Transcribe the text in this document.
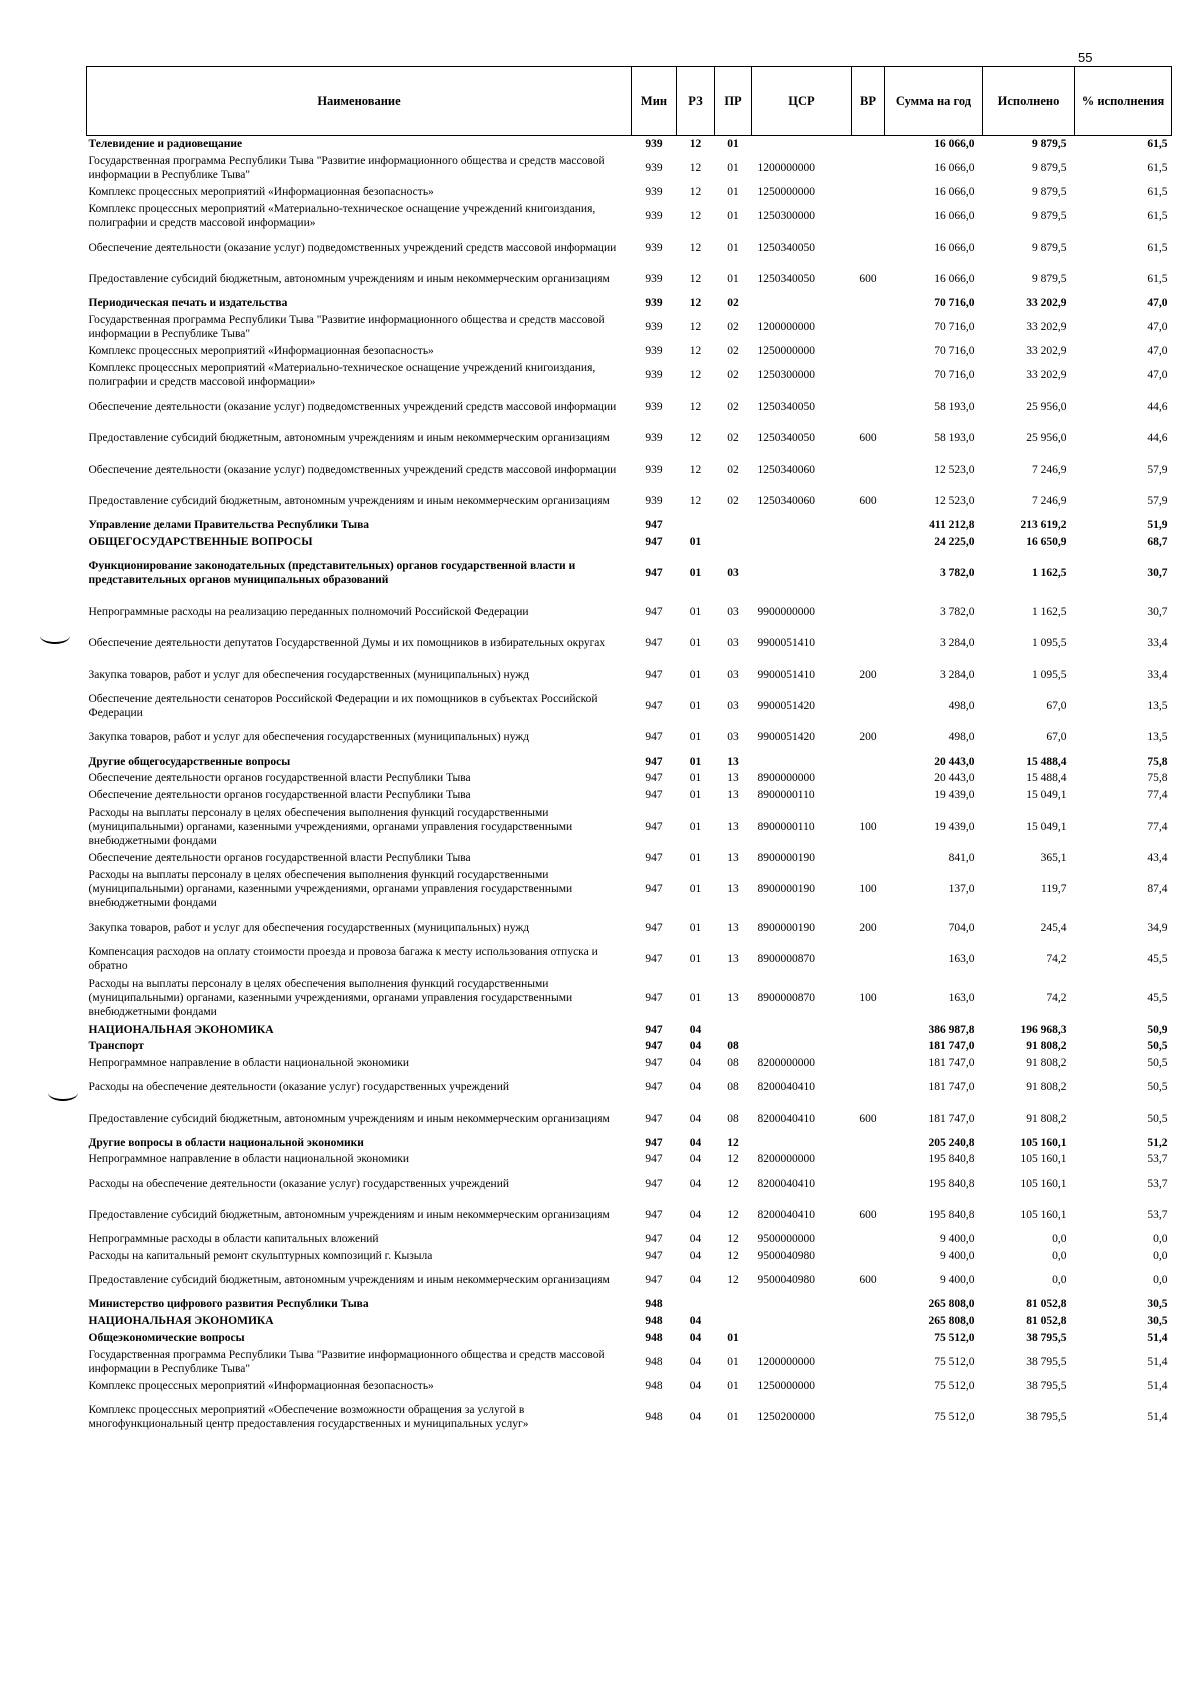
55
Наименование	Мин	РЗ	ПР	ЦСР	ВР	Сумма на год	Исполнено	% исполнения
Телевидение и радиовещание	939	12	01			16 066,0	9 879,5	61,5
Государственная программа Республики Тыва "Развитие информационного общества и средств массовой информации в Республике Тыва"	939	12	01	1200000000		16 066,0	9 879,5	61,5
Комплекс процессных мероприятий «Информационная безопасность»	939	12	01	1250000000		16 066,0	9 879,5	61,5
Комплекс процессных мероприятий «Материально-техническое оснащение учреждений книгоиздания, полиграфии и средств массовой информации»	939	12	01	1250300000		16 066,0	9 879,5	61,5
Обеспечение деятельности (оказание услуг) подведомственных учреждений средств массовой информации	939	12	01	1250340050		16 066,0	9 879,5	61,5
Предоставление субсидий бюджетным, автономным учреждениям и иным некоммерческим организациям	939	12	01	1250340050	600	16 066,0	9 879,5	61,5
Периодическая печать и издательства	939	12	02			70 716,0	33 202,9	47,0
Государственная программа Республики Тыва "Развитие информационного общества и средств массовой информации в Республике Тыва"	939	12	02	1200000000		70 716,0	33 202,9	47,0
Комплекс процессных мероприятий «Информационная безопасность»	939	12	02	1250000000		70 716,0	33 202,9	47,0
Комплекс процессных мероприятий «Материально-техническое оснащение учреждений книгоиздания, полиграфии и средств массовой информации»	939	12	02	1250300000		70 716,0	33 202,9	47,0
Обеспечение деятельности (оказание услуг) подведомственных учреждений средств массовой информации	939	12	02	1250340050		58 193,0	25 956,0	44,6
Предоставление субсидий бюджетным, автономным учреждениям и иным некоммерческим организациям	939	12	02	1250340050	600	58 193,0	25 956,0	44,6
Обеспечение деятельности (оказание услуг) подведомственных учреждений средств массовой информации	939	12	02	1250340060		12 523,0	7 246,9	57,9
Предоставление субсидий бюджетным, автономным учреждениям и иным некоммерческим организациям	939	12	02	1250340060	600	12 523,0	7 246,9	57,9
Управление делами Правительства Республики Тыва	947					411 212,8	213 619,2	51,9
ОБЩЕГОСУДАРСТВЕННЫЕ ВОПРОСЫ	947	01				24 225,0	16 650,9	68,7
Функционирование законодательных (представительных) органов государственной власти и представительных органов муниципальных образований	947	01	03			3 782,0	1 162,5	30,7
Непрограммные расходы на реализацию переданных полномочий Российской Федерации	947	01	03	9900000000		3 782,0	1 162,5	30,7
Обеспечение деятельности депутатов Государственной Думы и их помощников в избирательных округах	947	01	03	9900051410		3 284,0	1 095,5	33,4
Закупка товаров, работ и услуг для обеспечения государственных (муниципальных) нужд	947	01	03	9900051410	200	3 284,0	1 095,5	33,4
Обеспечение деятельности сенаторов Российской Федерации и их помощников в субъектах Российской Федерации	947	01	03	9900051420		498,0	67,0	13,5
Закупка товаров, работ и услуг для обеспечения государственных (муниципальных) нужд	947	01	03	9900051420	200	498,0	67,0	13,5
Другие общегосударственные вопросы	947	01	13			20 443,0	15 488,4	75,8
Обеспечение деятельности органов государственной власти Республики Тыва	947	01	13	8900000000		20 443,0	15 488,4	75,8
Обеспечение деятельности органов государственной власти Республики Тыва	947	01	13	8900000110		19 439,0	15 049,1	77,4
Расходы на выплаты персоналу в целях обеспечения выполнения функций государственными (муниципальными) органами, казенными учреждениями, органами управления государственными внебюджетными фондами	947	01	13	8900000110	100	19 439,0	15 049,1	77,4
Обеспечение деятельности органов государственной власти Республики Тыва	947	01	13	8900000190		841,0	365,1	43,4
Расходы на выплаты персоналу в целях обеспечения выполнения функций государственными (муниципальными) органами, казенными учреждениями, органами управления государственными внебюджетными фондами	947	01	13	8900000190	100	137,0	119,7	87,4
Закупка товаров, работ и услуг для обеспечения государственных (муниципальных) нужд	947	01	13	8900000190	200	704,0	245,4	34,9
Компенсация расходов на оплату стоимости проезда и провоза багажа к месту использования отпуска и обратно	947	01	13	8900000870		163,0	74,2	45,5
Расходы на выплаты персоналу в целях обеспечения выполнения функций государственными (муниципальными) органами, казенными учреждениями, органами управления государственными внебюджетными фондами	947	01	13	8900000870	100	163,0	74,2	45,5
НАЦИОНАЛЬНАЯ ЭКОНОМИКА	947	04				386 987,8	196 968,3	50,9
Транспорт	947	04	08			181 747,0	91 808,2	50,5
Непрограммное направление в области национальной экономики	947	04	08	8200000000		181 747,0	91 808,2	50,5
Расходы на обеспечение деятельности (оказание услуг) государственных учреждений	947	04	08	8200040410		181 747,0	91 808,2	50,5
Предоставление субсидий бюджетным, автономным учреждениям и иным некоммерческим организациям	947	04	08	8200040410	600	181 747,0	91 808,2	50,5
Другие вопросы в области национальной экономики	947	04	12			205 240,8	105 160,1	51,2
Непрограммное направление в области национальной экономики	947	04	12	8200000000		195 840,8	105 160,1	53,7
Расходы на обеспечение деятельности (оказание услуг) государственных учреждений	947	04	12	8200040410		195 840,8	105 160,1	53,7
Предоставление субсидий бюджетным, автономным учреждениям и иным некоммерческим организациям	947	04	12	8200040410	600	195 840,8	105 160,1	53,7
Непрограммные расходы в области капитальных вложений	947	04	12	9500000000		9 400,0	0,0	0,0
Расходы на капитальный ремонт скульптурных композиций г. Кызыла	947	04	12	9500040980		9 400,0	0,0	0,0
Предоставление субсидий бюджетным, автономным учреждениям и иным некоммерческим организациям	947	04	12	9500040980	600	9 400,0	0,0	0,0
Министерство цифрового развития Республики Тыва	948					265 808,0	81 052,8	30,5
НАЦИОНАЛЬНАЯ ЭКОНОМИКА	948	04				265 808,0	81 052,8	30,5
Общеэкономические вопросы	948	04	01			75 512,0	38 795,5	51,4
Государственная программа Республики Тыва "Развитие информационного общества и средств массовой информации в Республике Тыва"	948	04	01	1200000000		75 512,0	38 795,5	51,4
Комплекс процессных мероприятий «Информационная безопасность»	948	04	01	1250000000		75 512,0	38 795,5	51,4
Комплекс процессных мероприятий «Обеспечение возможности обращения за услугой в многофункциональный центр предоставления государственных и муниципальных услуг»	948	04	01	1250200000		75 512,0	38 795,5	51,4
